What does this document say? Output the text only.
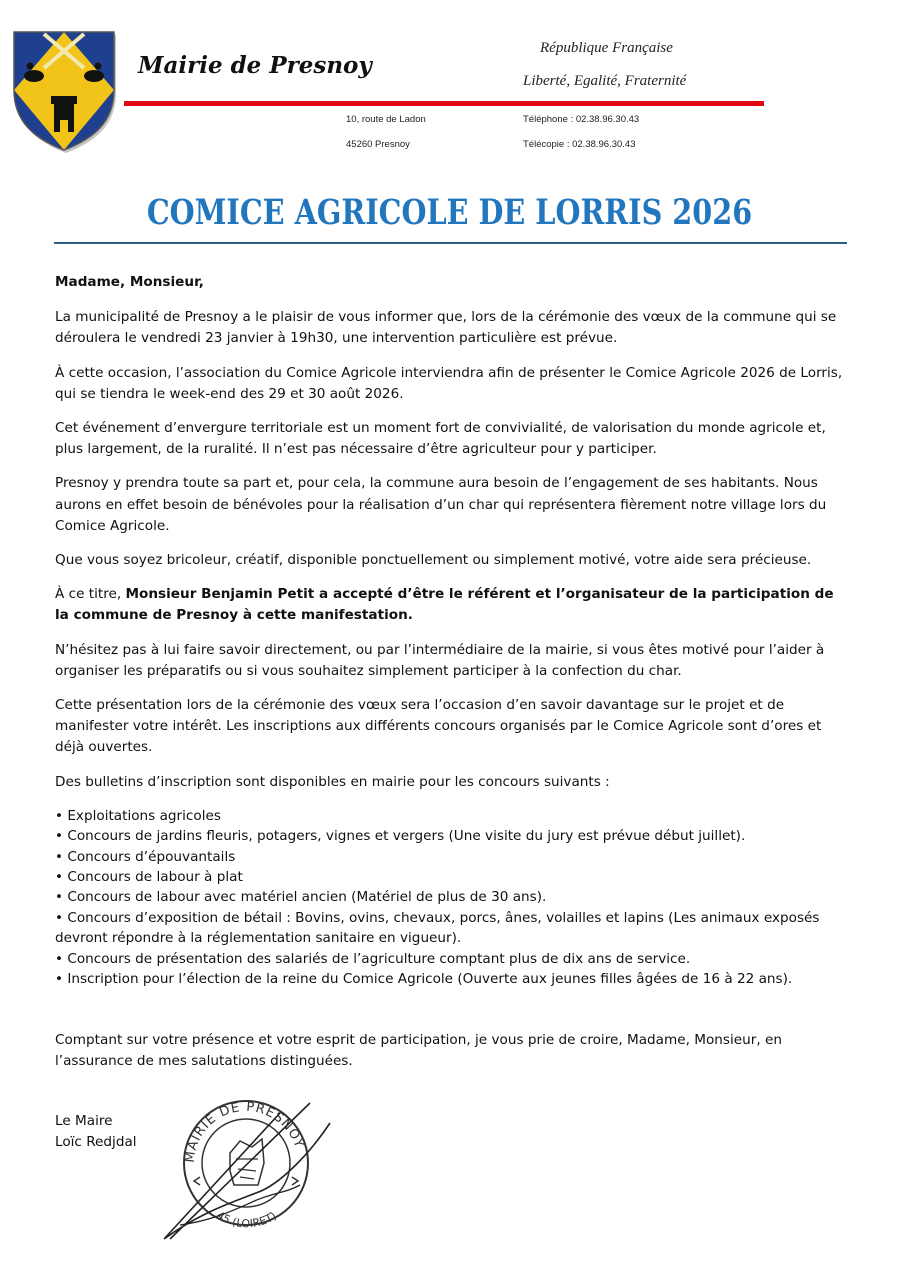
Mairie de Presnoy
République Française
Liberté, Egalité, Fraternité
10, route de Ladon
45260 Presnoy
Téléphone : 02.38.96.30.43
Télécopie : 02.38.96.30.43
COMICE AGRICOLE DE LORRIS 2026

Madame, Monsieur,

La municipalité de Presnoy a le plaisir de vous informer que, lors de la cérémonie des vœux de la commune qui se déroulera le vendredi 23 janvier à 19h30, une intervention particulière est prévue.

À cette occasion, l’association du Comice Agricole interviendra afin de présenter le Comice Agricole 2026 de Lorris, qui se tiendra le week-end des 29 et 30 août 2026.

Cet événement d’envergure territoriale est un moment fort de convivialité, de valorisation du monde agricole et, plus largement, de la ruralité. Il n’est pas nécessaire d’être agriculteur pour y participer.

Presnoy y prendra toute sa part et, pour cela, la commune aura besoin de l’engagement de ses habitants. Nous aurons en effet besoin de bénévoles pour la réalisation d’un char qui représentera fièrement notre village lors du Comice Agricole.

Que vous soyez bricoleur, créatif, disponible ponctuellement ou simplement motivé, votre aide sera précieuse.

À ce titre, Monsieur Benjamin Petit a accepté d’être le référent et l’organisateur de la participation de la commune de Presnoy à cette manifestation.

N’hésitez pas à lui faire savoir directement, ou par l’intermédiaire de la mairie, si vous êtes motivé pour l’aider à organiser les préparatifs ou si vous souhaitez simplement participer à la confection du char.

Cette présentation lors de la cérémonie des vœux sera l’occasion d’en savoir davantage sur le projet et de manifester votre intérêt. Les inscriptions aux différents concours organisés par le Comice Agricole sont d’ores et déjà ouvertes.

Des bulletins d’inscription sont disponibles en mairie pour les concours suivants :

• Exploitations agricoles
• Concours de jardins fleuris, potagers, vignes et vergers (Une visite du jury est prévue début juillet).
• Concours d’épouvantails
• Concours de labour à plat
• Concours de labour avec matériel ancien (Matériel de plus de 30 ans).
• Concours d’exposition de bétail : Bovins, ovins, chevaux, porcs, ânes, volailles et lapins (Les animaux exposés devront répondre à la réglementation sanitaire en vigueur).
• Concours de présentation des salariés de l’agriculture comptant plus de dix ans de service.
• Inscription pour l’élection de la reine du Comice Agricole (Ouverte aux jeunes filles âgées de 16 à 22 ans).

Comptant sur votre présence et votre esprit de participation, je vous prie de croire, Madame, Monsieur, en l’assurance de mes salutations distinguées.

Le Maire
Loïc Redjdal
MAIRIE DE PRESNOY
45 (LOIRET)
